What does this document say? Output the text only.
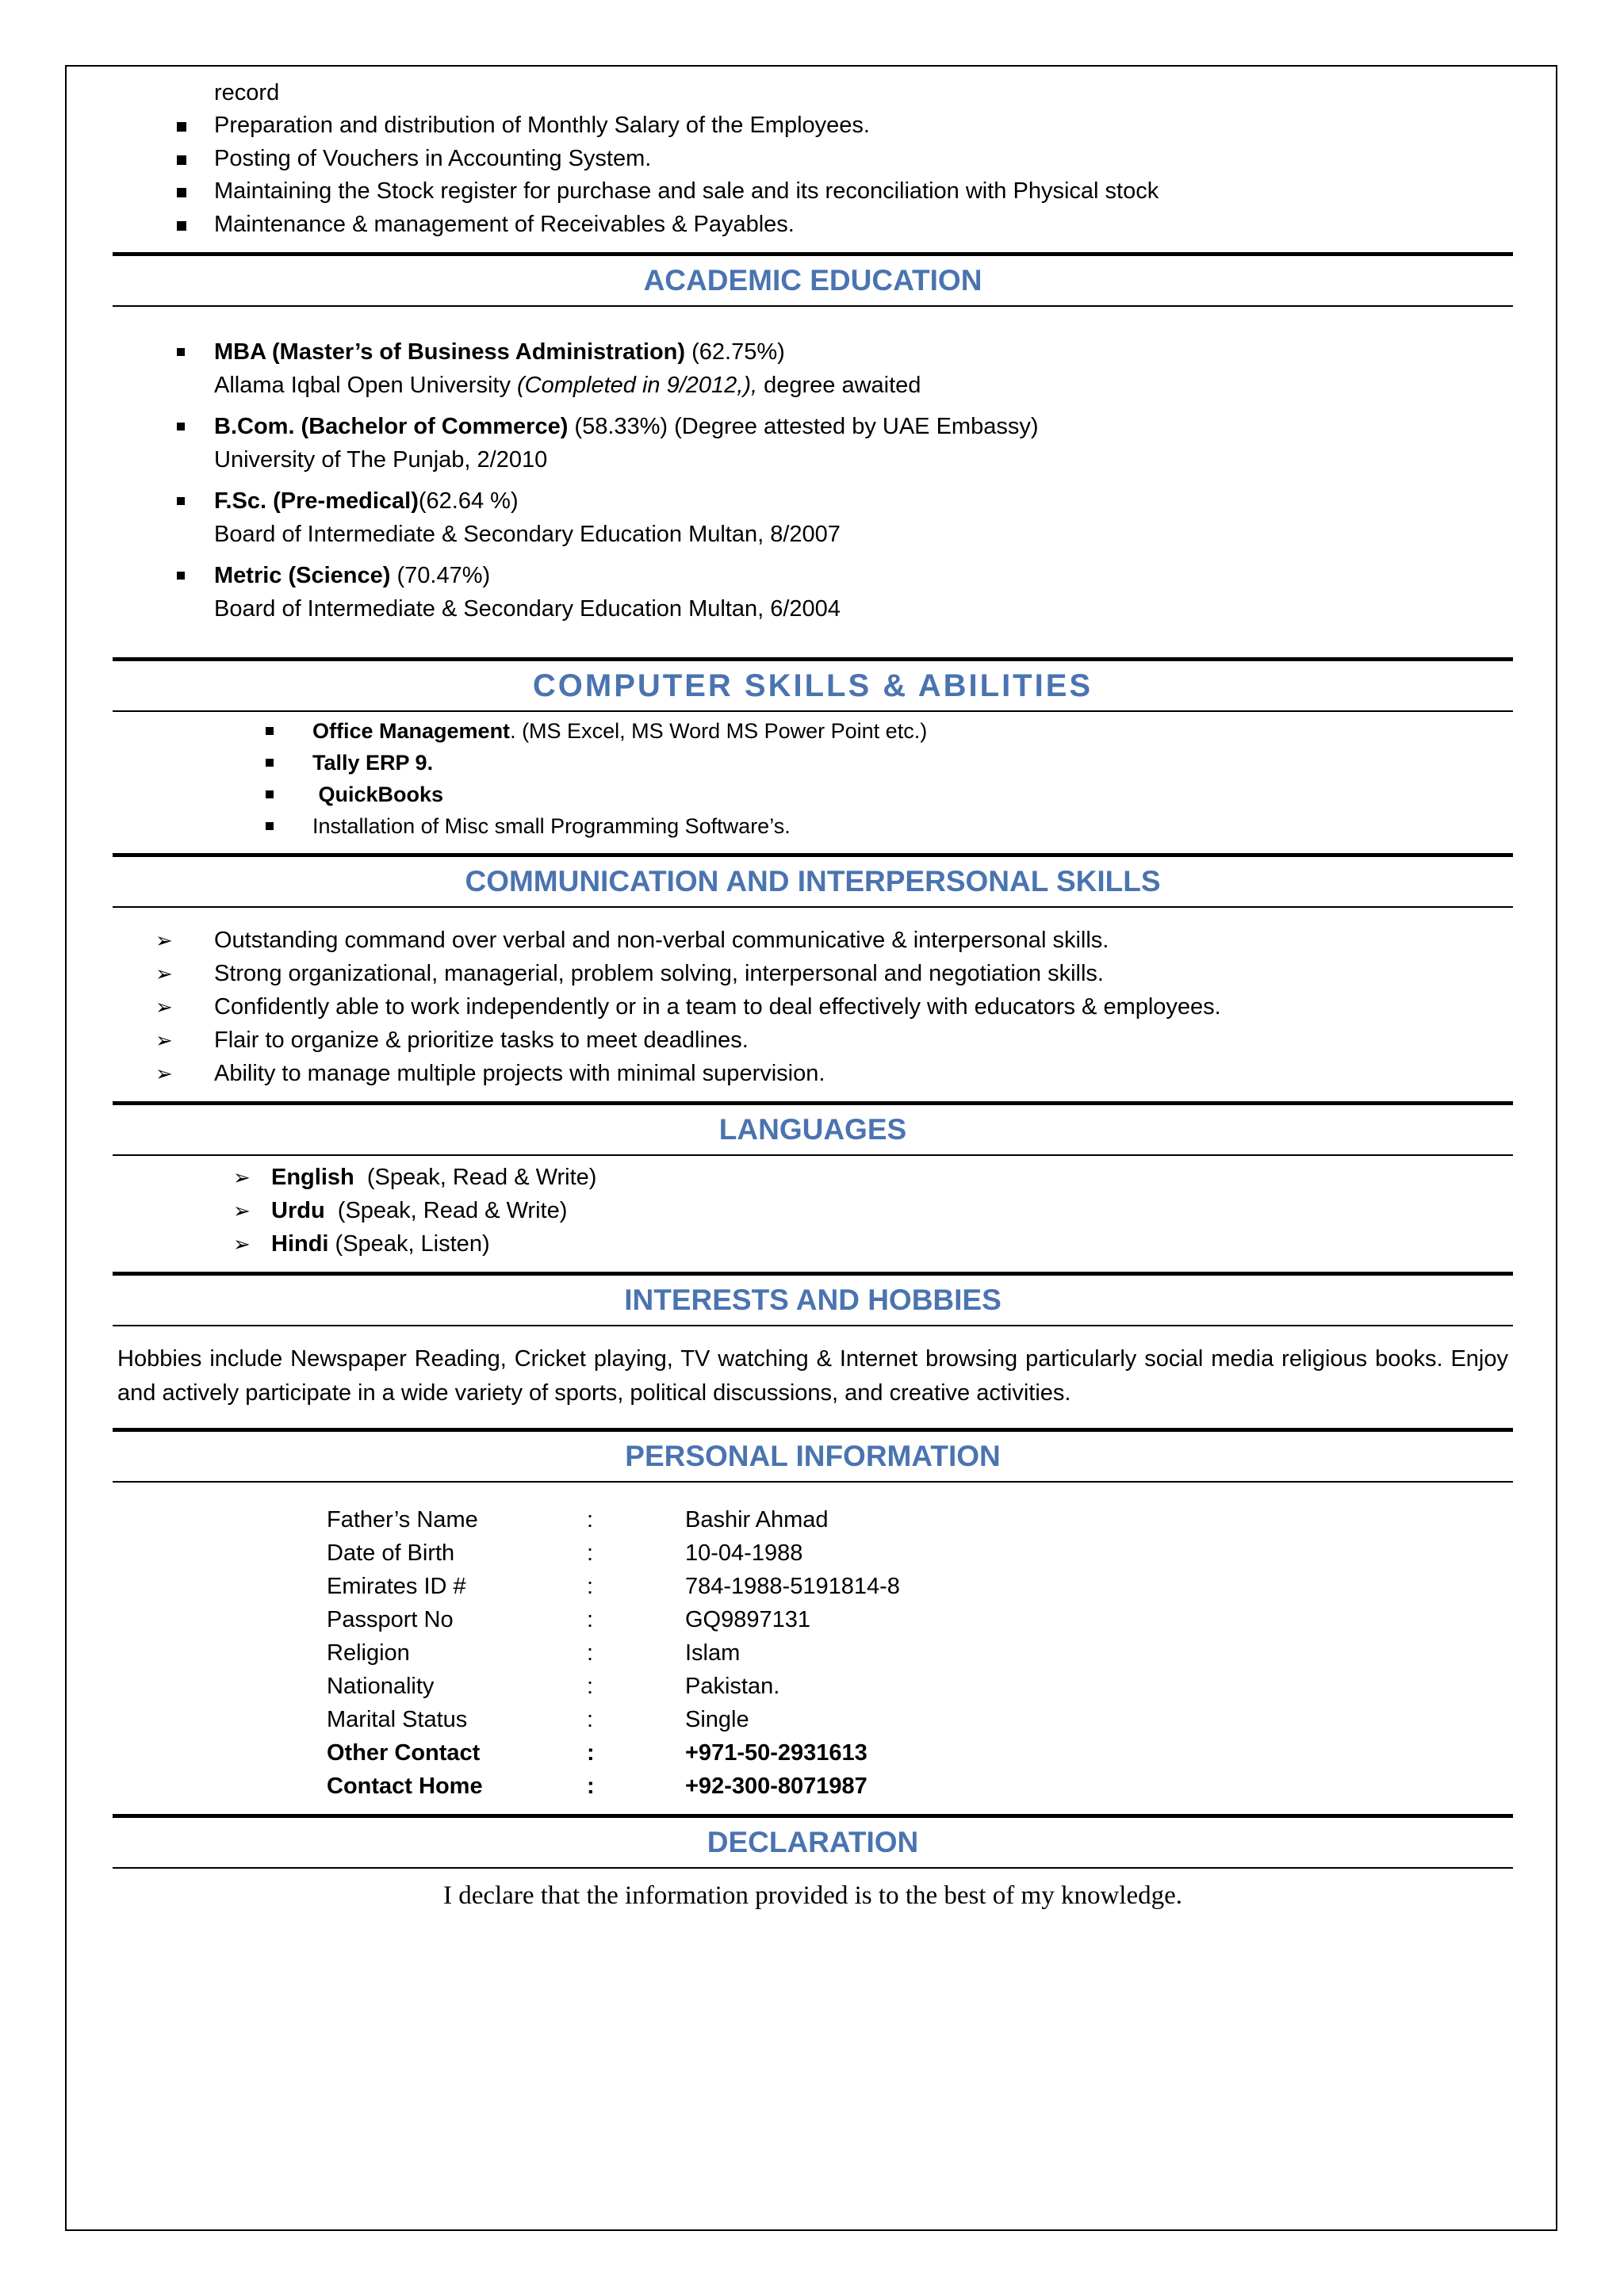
record
Preparation and distribution of Monthly Salary of the Employees.
Posting of Vouchers in Accounting System.
Maintaining the Stock register for purchase and sale and its reconciliation with Physical stock
Maintenance & management of Receivables & Payables.
ACADEMIC EDUCATION
MBA (Master’s of Business Administration) (62.75%)
Allama Iqbal Open University (Completed in 9/2012,), degree awaited
B.Com. (Bachelor of Commerce) (58.33%) (Degree attested by UAE Embassy)
University of The Punjab, 2/2010
F.Sc. (Pre-medical)(62.64 %)
Board of Intermediate & Secondary Education Multan, 8/2007
Metric (Science) (70.47%)
Board of Intermediate & Secondary Education Multan, 6/2004
COMPUTER SKILLS & ABILITIES
Office Management. (MS Excel, MS Word MS Power Point etc.)
Tally ERP 9.
QuickBooks
Installation of Misc small Programming Software’s.
COMMUNICATION AND INTERPERSONAL SKILLS
➢ Outstanding command over verbal and non-verbal communicative & interpersonal skills.
➢ Strong organizational, managerial, problem solving, interpersonal and negotiation skills.
➢ Confidently able to work independently or in a team to deal effectively with educators & employees.
➢ Flair to organize & prioritize tasks to meet deadlines.
➢ Ability to manage multiple projects with minimal supervision.
LANGUAGES
➢ English  (Speak, Read & Write)
➢ Urdu  (Speak, Read & Write)
➢ Hindi (Speak, Listen)
INTERESTS AND HOBBIES
Hobbies include Newspaper Reading, Cricket playing, TV watching & Internet browsing particularly social media religious books. Enjoy and actively participate in a wide variety of sports, political discussions, and creative activities.
PERSONAL INFORMATION
Father’s Name	:	Bashir Ahmad
Date of Birth	:	10-04-1988
Emirates ID #	:	784-1988-5191814-8
Passport No	:	GQ9897131
Religion	:	Islam
Nationality	:	Pakistan.
Marital Status	:	Single
Other Contact	:	+971-50-2931613
Contact Home	:	+92-300-8071987
DECLARATION
I declare that the information provided is to the best of my knowledge.
